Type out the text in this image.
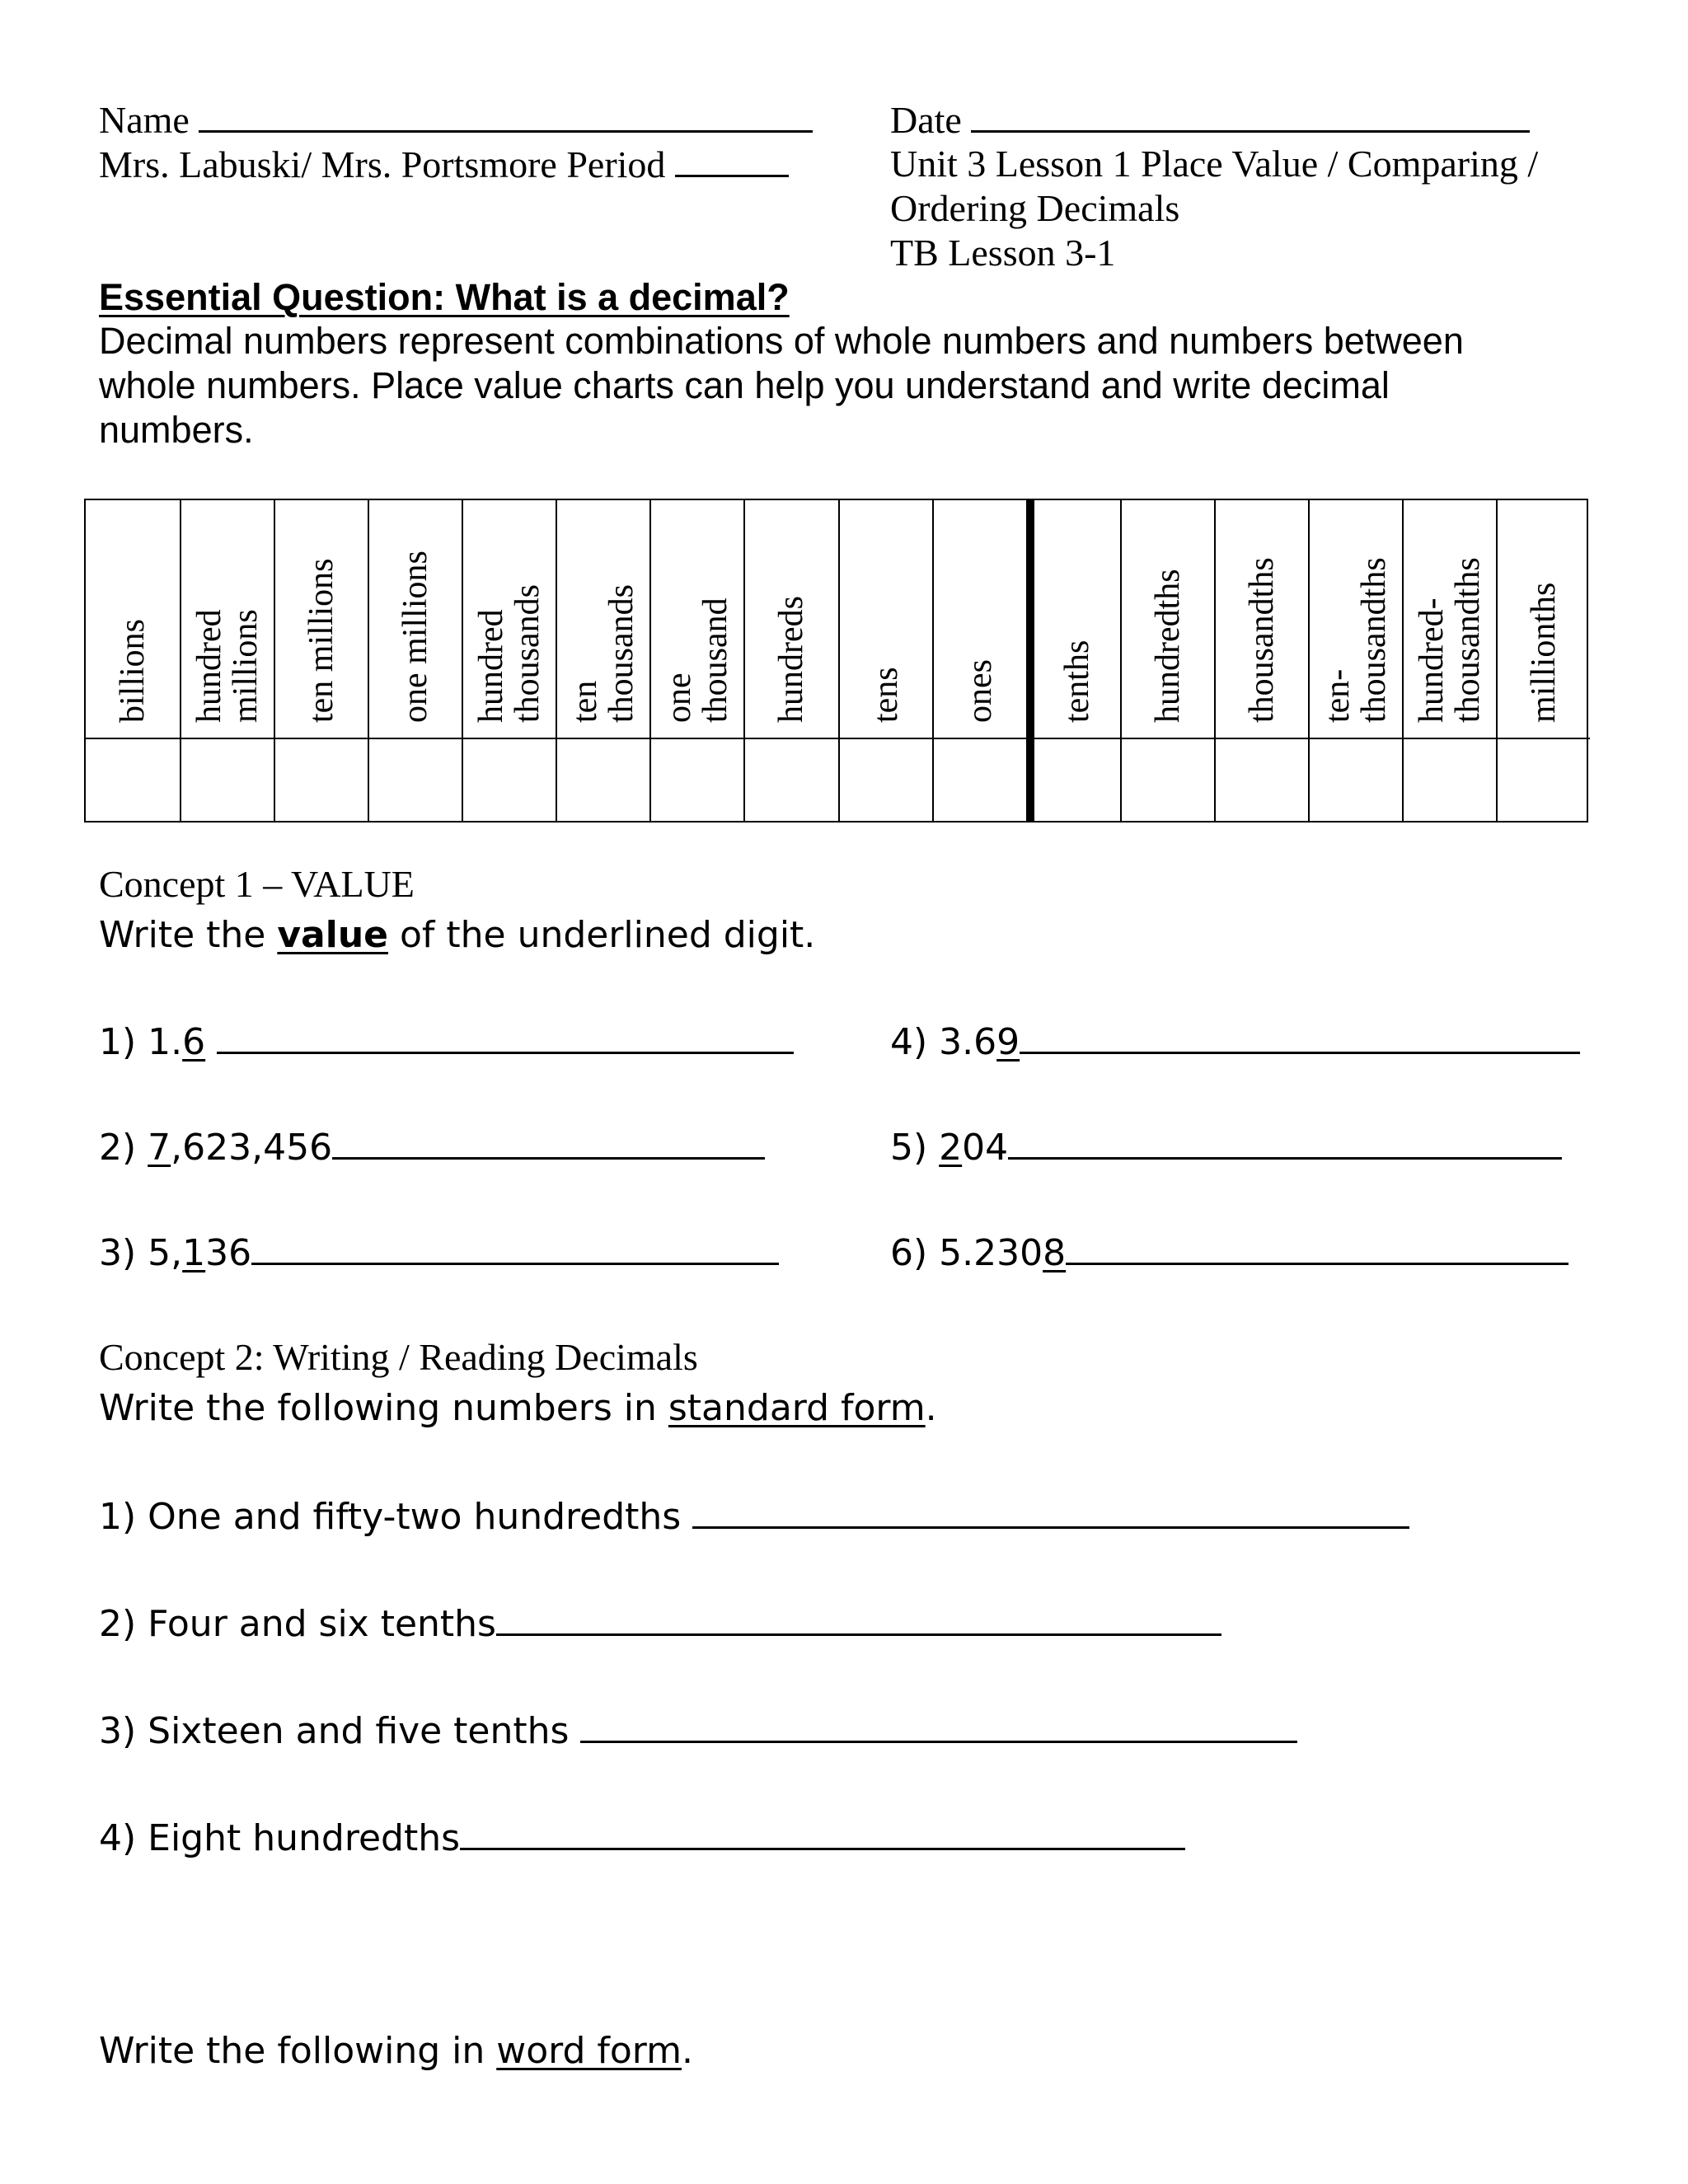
Name
Mrs. Labuski/ Mrs. Portsmore Period
Date
Unit 3 Lesson 1 Place Value / Comparing /
Ordering Decimals
TB Lesson 3-1
Essential Question: What is a decimal?
Decimal numbers represent combinations of whole numbers and numbers between
whole numbers. Place value charts can help you understand and write decimal
numbers.
billions hundred
millions ten millions one millions hundred
thousands ten
thousands one
thousand hundreds tens ones tenths hundredths thousandths ten-
thousandths hundred-
thousandths millionths
Concept 1 – VALUE
Write the value of the underlined digit.
1) 1.6
2) 7,623,456
3) 5,136
4) 3.69
5) 204
6) 5.2308
Concept 2: Writing / Reading Decimals
Write the following numbers in standard form.
1) One and fifty-two hundredths
2) Four and six tenths
3) Sixteen and five tenths
4) Eight hundredths
Write the following in word form.
